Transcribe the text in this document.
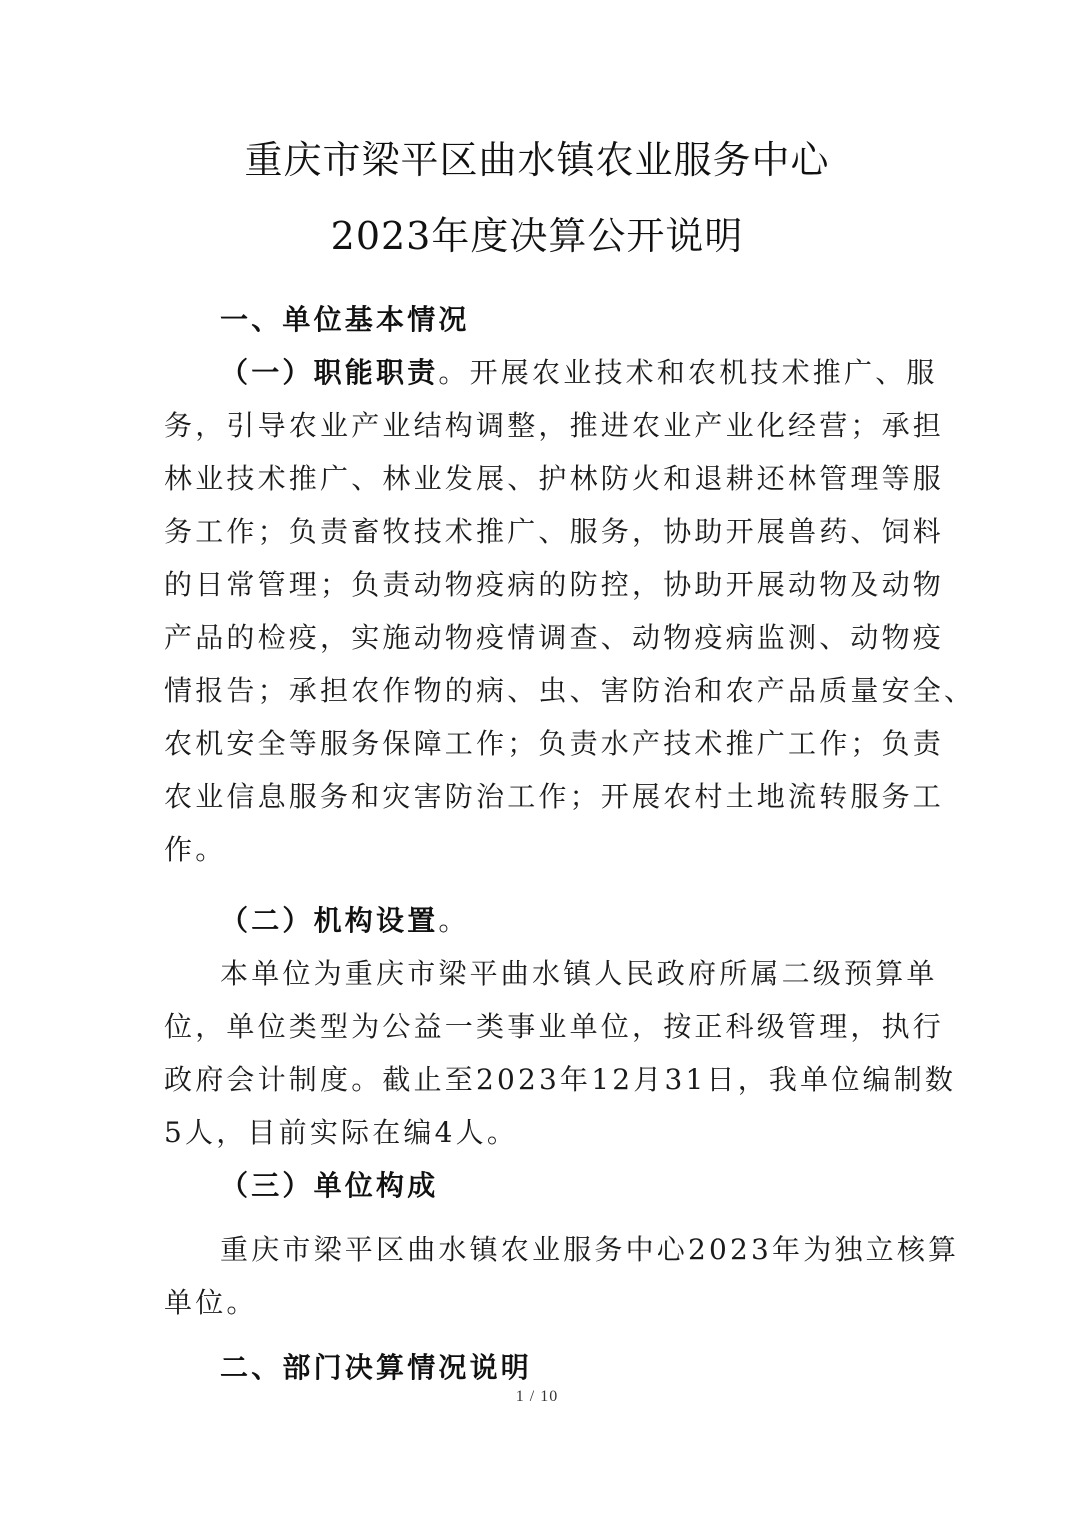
重庆市梁平区曲水镇农业服务中心
2023年度决算公开说明
一、单位基本情况
（一）职能职责。开展农业技术和农机技术推广、服
务，引导农业产业结构调整，推进农业产业化经营；承担
林业技术推广、林业发展、护林防火和退耕还林管理等服
务工作；负责畜牧技术推广、服务，协助开展兽药、饲料
的日常管理；负责动物疫病的防控，协助开展动物及动物
产品的检疫，实施动物疫情调查、动物疫病监测、动物疫
情报告；承担农作物的病、虫、害防治和农产品质量安全、
农机安全等服务保障工作；负责水产技术推广工作；负责
农业信息服务和灾害防治工作；开展农村土地流转服务工
作。
（二）机构设置。
本单位为重庆市梁平曲水镇人民政府所属二级预算单
位，单位类型为公益一类事业单位，按正科级管理，执行
政府会计制度。截止至2023年12月31日，我单位编制数
5人，目前实际在编4人。
（三）单位构成
重庆市梁平区曲水镇农业服务中心2023年为独立核算
单位。
二、部门决算情况说明
1 / 10
